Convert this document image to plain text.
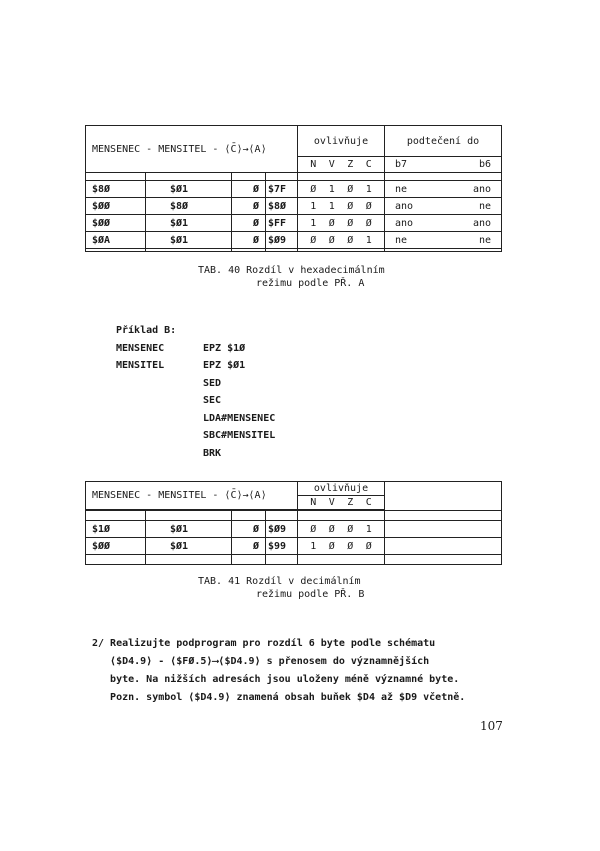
MENSENEC - MENSITEL - ⟨C̄⟩→⟨A⟩	ovlivňuje	podtečení do

	N V Z C	b7 b6

$8Ø	$Ø1	Ø	$7F	Ø 1 Ø 1	ne ano

$ØØ	$8Ø	Ø	$8Ø	1 1 Ø Ø	ano ne

$ØØ	$Ø1	Ø	$FF	1 Ø Ø Ø	ano ano

$ØA	$Ø1	Ø	$Ø9	Ø Ø Ø 1	ne ne

TAB. 40 Rozdíl v hexadecimálním
režimu podle PŘ. A
Příklad B:
MENSENEC	EPZ $1Ø
MENSITEL	EPZ $Ø1
SED
SEC
LDA#MENSENEC
SBC#MENSITEL
BRK
MENSENEC - MENSITEL - ⟨C̄⟩→⟨A⟩	ovlivňuje	

N V Z C

$1Ø	$Ø1	Ø	$Ø9	Ø Ø Ø 1	

$ØØ	$Ø1	Ø	$99	1 Ø Ø Ø	

TAB. 41 Rozdíl v decimálním
režimu podle PŘ. B
2/ Realizujte podprogram pro rozdíl 6 byte podle schématu
⟨$D4.9⟩ - ⟨$FØ.5⟩⟶⟨$D4.9⟩ s přenosem do významnějších
byte. Na nižších adresách jsou uloženy méně významné byte.
Pozn. symbol ⟨$D4.9⟩ znamená obsah buňek $D4 až $D9 včetně.
107
